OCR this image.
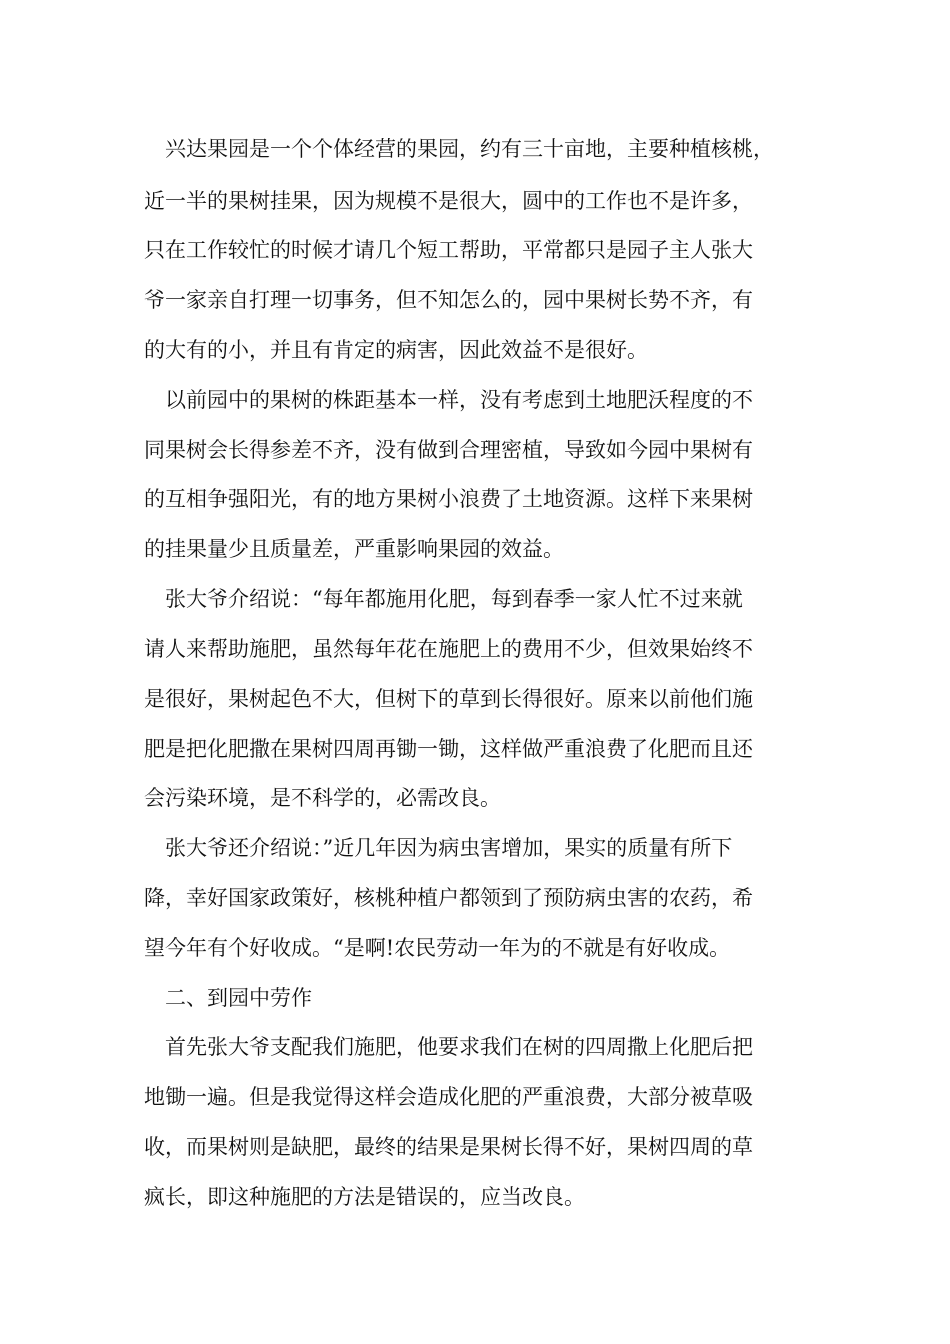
兴达果园是一个个体经营的果园，约有三十亩地，主要种植核桃，
近一半的果树挂果，因为规模不是很大，圆中的工作也不是许多，
只在工作较忙的时候才请几个短工帮助，平常都只是园子主人张大
爷一家亲自打理一切事务，但不知怎么的，园中果树长势不齐，有
的大有的小，并且有肯定的病害，因此效益不是很好。
以前园中的果树的株距基本一样，没有考虑到土地肥沃程度的不
同果树会长得参差不齐，没有做到合理密植，导致如今园中果树有
的互相争强阳光，有的地方果树小浪费了土地资源。这样下来果树
的挂果量少且质量差，严重影响果园的效益。
张大爷介绍说：“每年都施用化肥，每到春季一家人忙不过来就
请人来帮助施肥，虽然每年花在施肥上的费用不少，但效果始终不
是很好，果树起色不大，但树下的草到长得很好。原来以前他们施
肥是把化肥撒在果树四周再锄一锄，这样做严重浪费了化肥而且还
会污染环境，是不科学的，必需改良。
张大爷还介绍说：”近几年因为病虫害增加，果实的质量有所下
降，幸好国家政策好，核桃种植户都领到了预防病虫害的农药，希
望今年有个好收成。“是啊!农民劳动一年为的不就是有好收成。
二、到园中劳作
首先张大爷支配我们施肥，他要求我们在树的四周撒上化肥后把
地锄一遍。但是我觉得这样会造成化肥的严重浪费，大部分被草吸
收，而果树则是缺肥，最终的结果是果树长得不好，果树四周的草
疯长，即这种施肥的方法是错误的，应当改良。
